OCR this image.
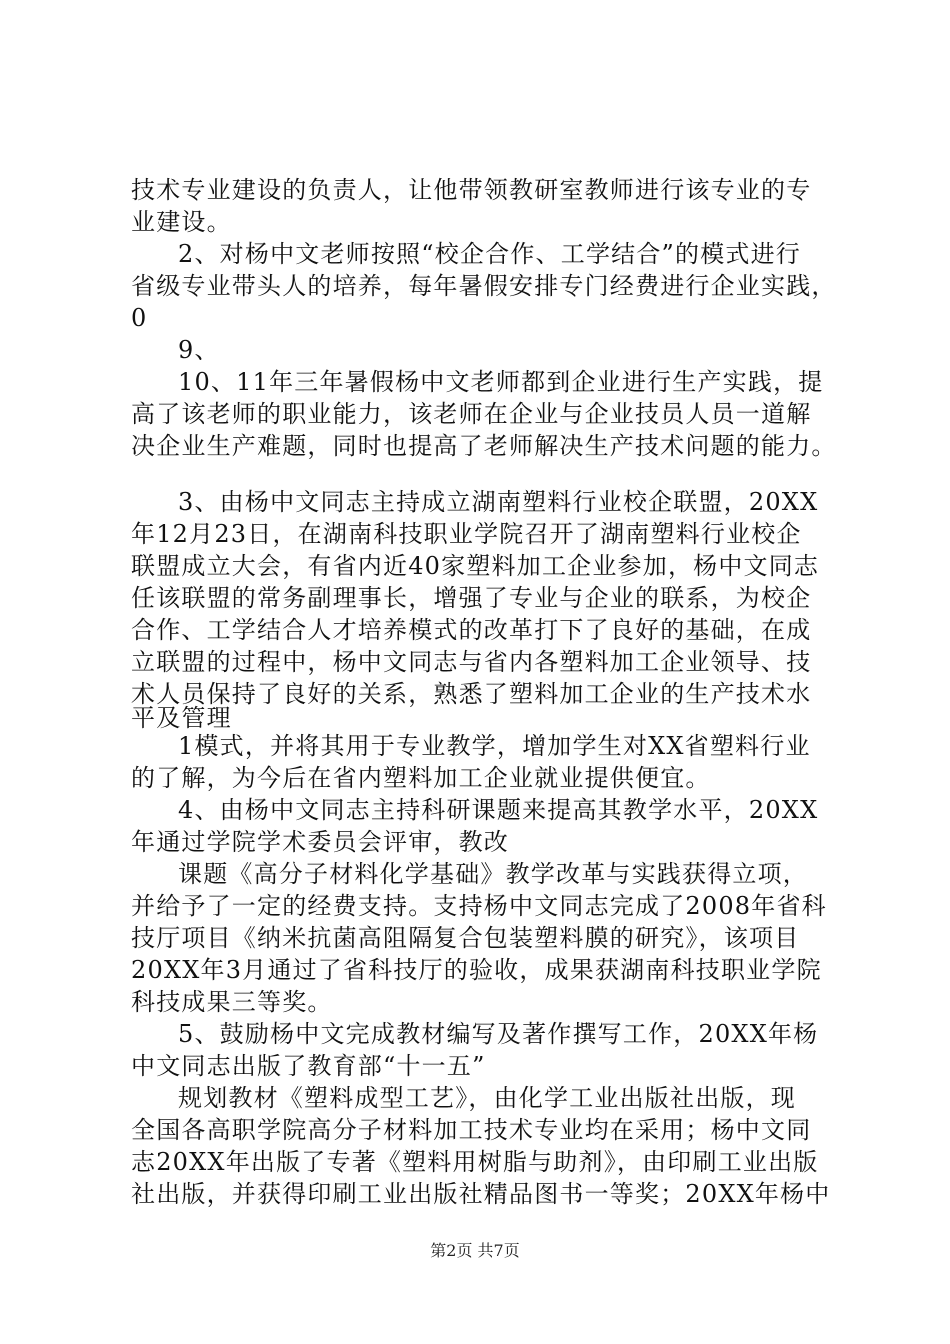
技术专业建设的负责人，让他带领教研室教师进行该专业的专
业建设。
2、对杨中文老师按照“校企合作、工学结合”的模式进行
省级专业带头人的培养，每年暑假安排专门经费进行企业实践，
0
9、
10、11年三年暑假杨中文老师都到企业进行生产实践，提
高了该老师的职业能力，该老师在企业与企业技员人员一道解
决企业生产难题，同时也提高了老师解决生产技术问题的能力。
3、由杨中文同志主持成立湖南塑料行业校企联盟，20XX
年12月23日，在湖南科技职业学院召开了湖南塑料行业校企
联盟成立大会，有省内近40家塑料加工企业参加，杨中文同志
任该联盟的常务副理事长，增强了专业与企业的联系，为校企
合作、工学结合人才培养模式的改革打下了良好的基础，在成
立联盟的过程中，杨中文同志与省内各塑料加工企业领导、技
术人员保持了良好的关系，熟悉了塑料加工企业的生产技术水
平及管理
1模式，并将其用于专业教学，增加学生对XX省塑料行业
的了解，为今后在省内塑料加工企业就业提供便宜。
4、由杨中文同志主持科研课题来提高其教学水平，20XX
年通过学院学术委员会评审，教改
课题《高分子材料化学基础》教学改革与实践获得立项，
并给予了一定的经费支持。支持杨中文同志完成了2008年省科
技厅项目《纳米抗菌高阻隔复合包装塑料膜的研究》，该项目
20XX年3月通过了省科技厅的验收，成果获湖南科技职业学院
科技成果三等奖。
5、鼓励杨中文完成教材编写及著作撰写工作，20XX年杨
中文同志出版了教育部“十一五”
规划教材《塑料成型工艺》，由化学工业出版社出版，现
全国各高职学院高分子材料加工技术专业均在采用；杨中文同
志20XX年出版了专著《塑料用树脂与助剂》，由印刷工业出版
社出版，并获得印刷工业出版社精品图书一等奖；20XX年杨中
第2页 共7页
